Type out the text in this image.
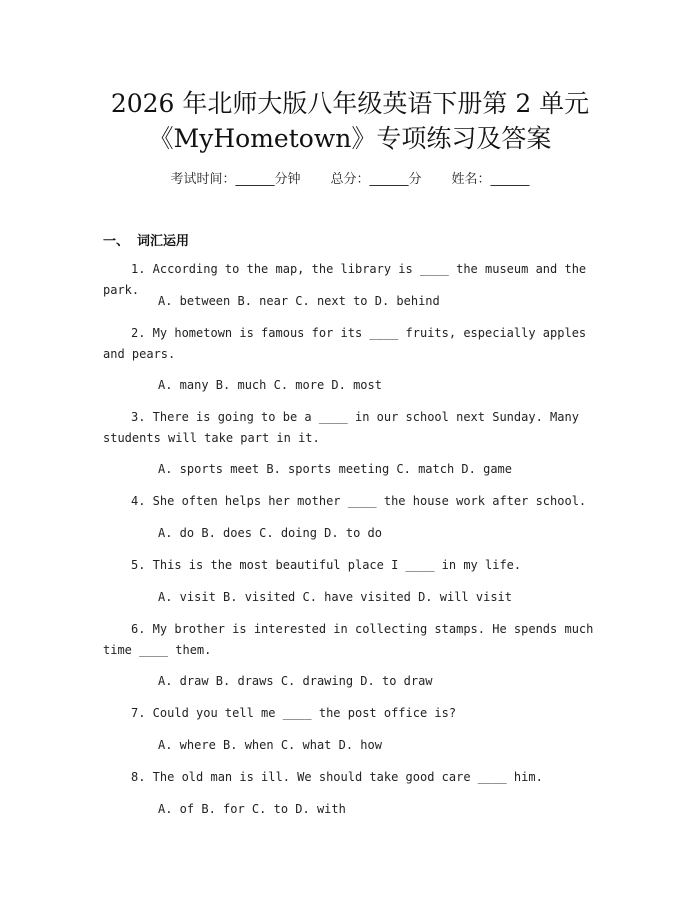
2026 年北师大版八年级英语下册第 2 单元
《MyHometown》专项练习及答案
考试时间：______分钟 总分：______分 姓名：______
一、 词汇运用
1. According to the map, the library is ____ the museum and the park.
A. between B. near C. next to D. behind
2. My hometown is famous for its ____ fruits, especially apples and pears.
A. many B. much C. more D. most
3. There is going to be a ____ in our school next Sunday. Many students will take part in it.
A. sports meet B. sports meeting C. match D. game
4. She often helps her mother ____ the house work after school.
A. do B. does C. doing D. to do
5. This is the most beautiful place I ____ in my life.
A. visit B. visited C. have visited D. will visit
6. My brother is interested in collecting stamps. He spends much time ____ them.
A. draw B. draws C. drawing D. to draw
7. Could you tell me ____ the post office is?
A. where B. when C. what D. how
8. The old man is ill. We should take good care ____ him.
A. of B. for C. to D. with
